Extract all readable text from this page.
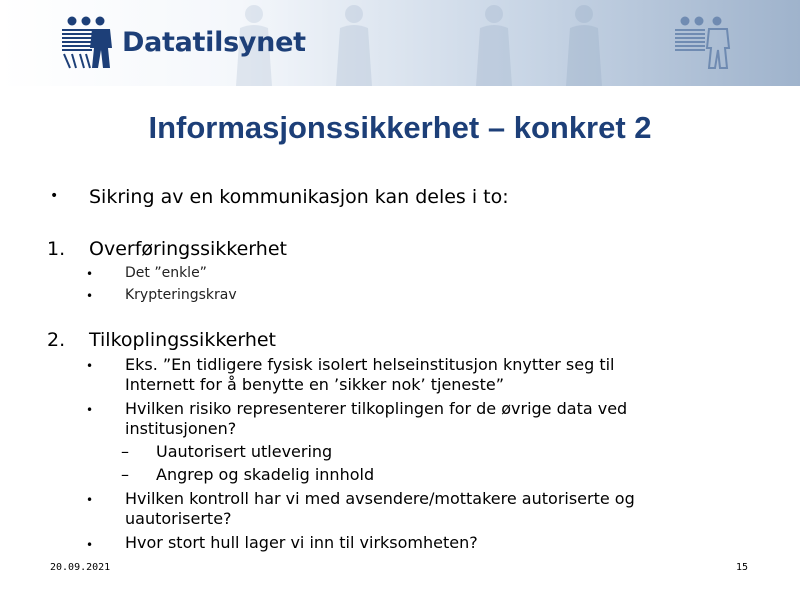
Datatilsynet
Informasjonssikkerhet – konkret 2
• Sikring av en kommunikasjon kan deles i to:
1. Overføringssikkerhet
• Det ”enkle”
• Krypteringskrav
2. Tilkoplingssikkerhet
• Eks. ”En tidligere fysisk isolert helseinstitusjon knytter seg til
Internett for å benytte en ’sikker nok’ tjeneste”
• Hvilken risiko representerer tilkoplingen for de øvrige data ved
institusjonen?
– Uautorisert utlevering
– Angrep og skadelig innhold
• Hvilken kontroll har vi med avsendere/mottakere autoriserte og
uautoriserte?
• Hvor stort hull lager vi inn til virksomheten?
20.09.2021	15
